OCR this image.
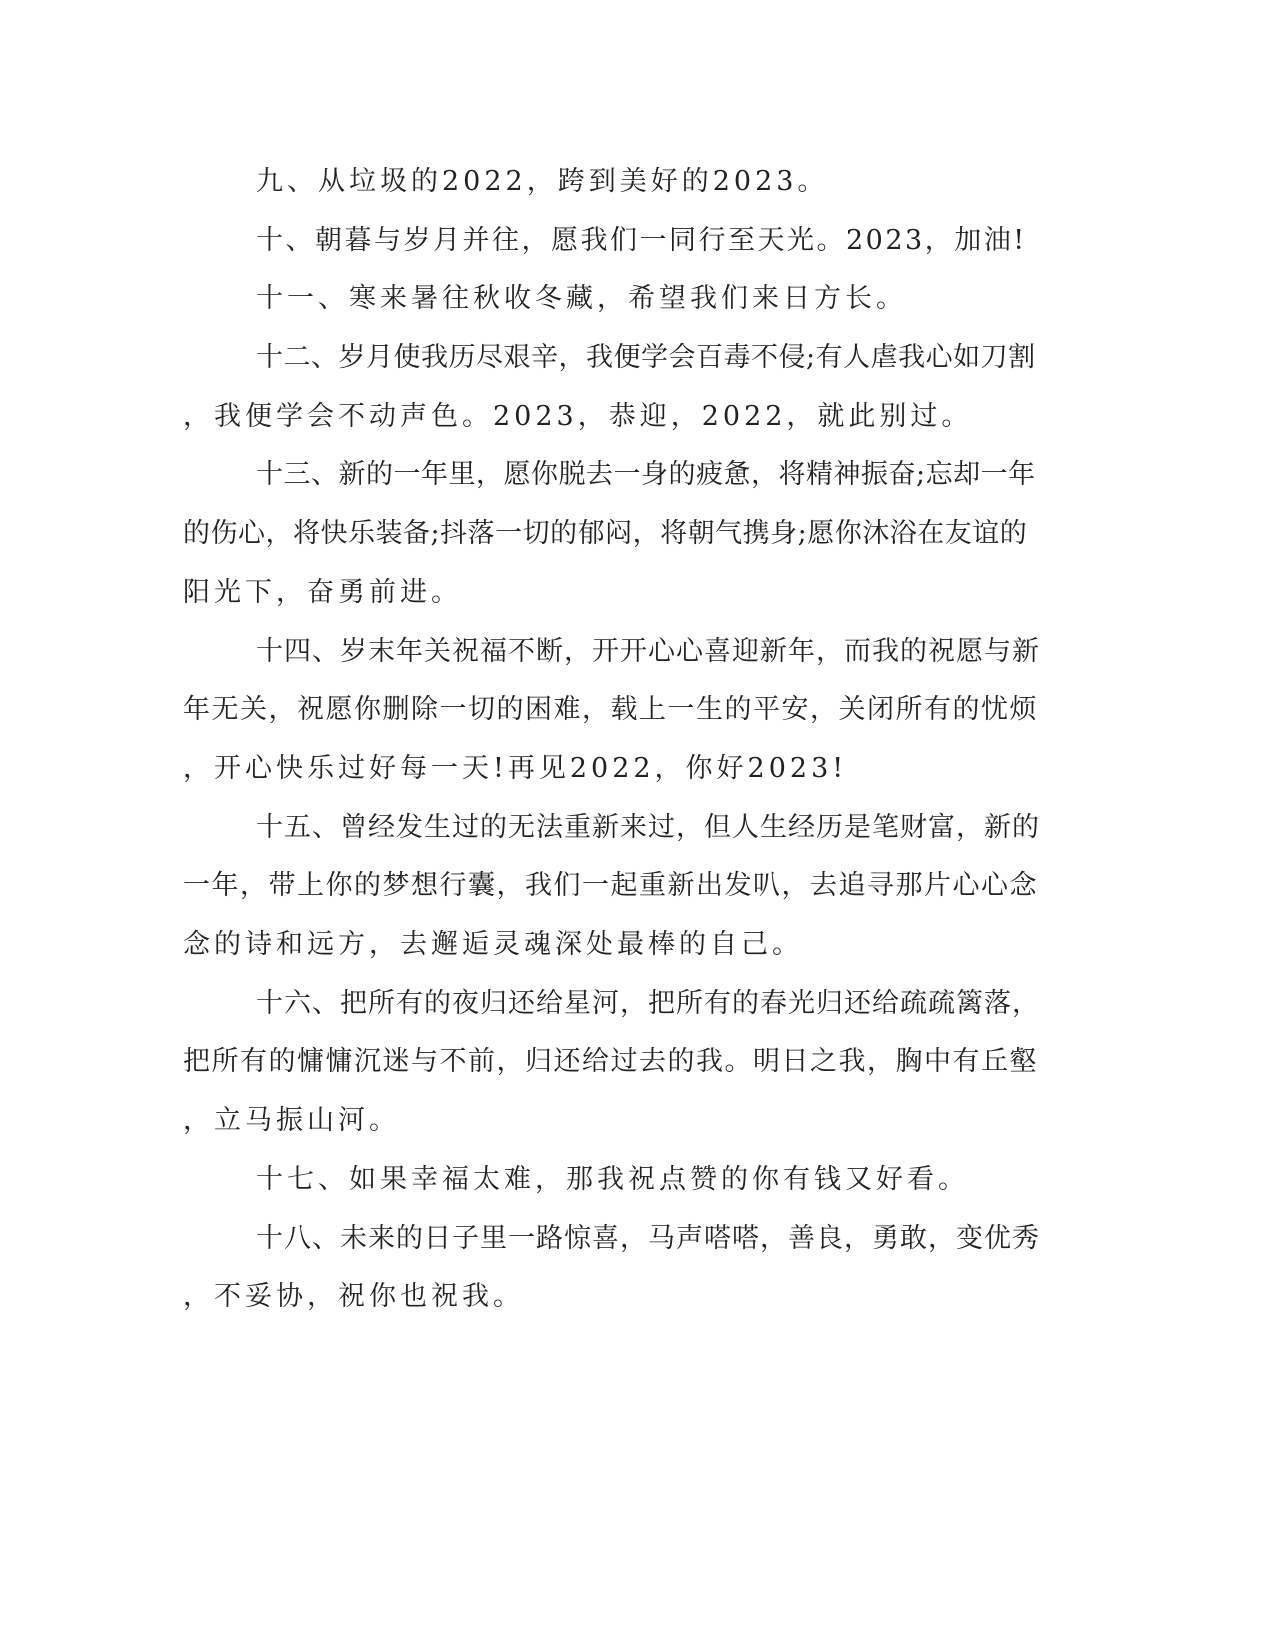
九、从垃圾的2022，跨到美好的2023。
十、朝暮与岁月并往，愿我们一同行至天光。2023，加油!
十一、寒来暑往秋收冬藏，希望我们来日方长。
十二、岁月使我历尽艰辛，我便学会百毒不侵;有人虐我心如刀割
，我便学会不动声色。2023，恭迎，2022，就此别过。
十三、新的一年里，愿你脱去一身的疲惫，将精神振奋;忘却一年
的伤心，将快乐装备;抖落一切的郁闷，将朝气携身;愿你沐浴在友谊的
阳光下，奋勇前进。
十四、岁末年关祝福不断，开开心心喜迎新年，而我的祝愿与新
年无关，祝愿你删除一切的困难，载上一生的平安，关闭所有的忧烦
，开心快乐过好每一天!再见2022，你好2023!
十五、曾经发生过的无法重新来过，但人生经历是笔财富，新的
一年，带上你的梦想行囊，我们一起重新出发叭，去追寻那片心心念
念的诗和远方，去邂逅灵魂深处最棒的自己。
十六、把所有的夜归还给星河，把所有的春光归还给疏疏篱落，
把所有的慵慵沉迷与不前，归还给过去的我。明日之我，胸中有丘壑
，立马振山河。
十七、如果幸福太难，那我祝点赞的你有钱又好看。
十八、未来的日子里一路惊喜，马声嗒嗒，善良，勇敢，变优秀
，不妥协，祝你也祝我。
